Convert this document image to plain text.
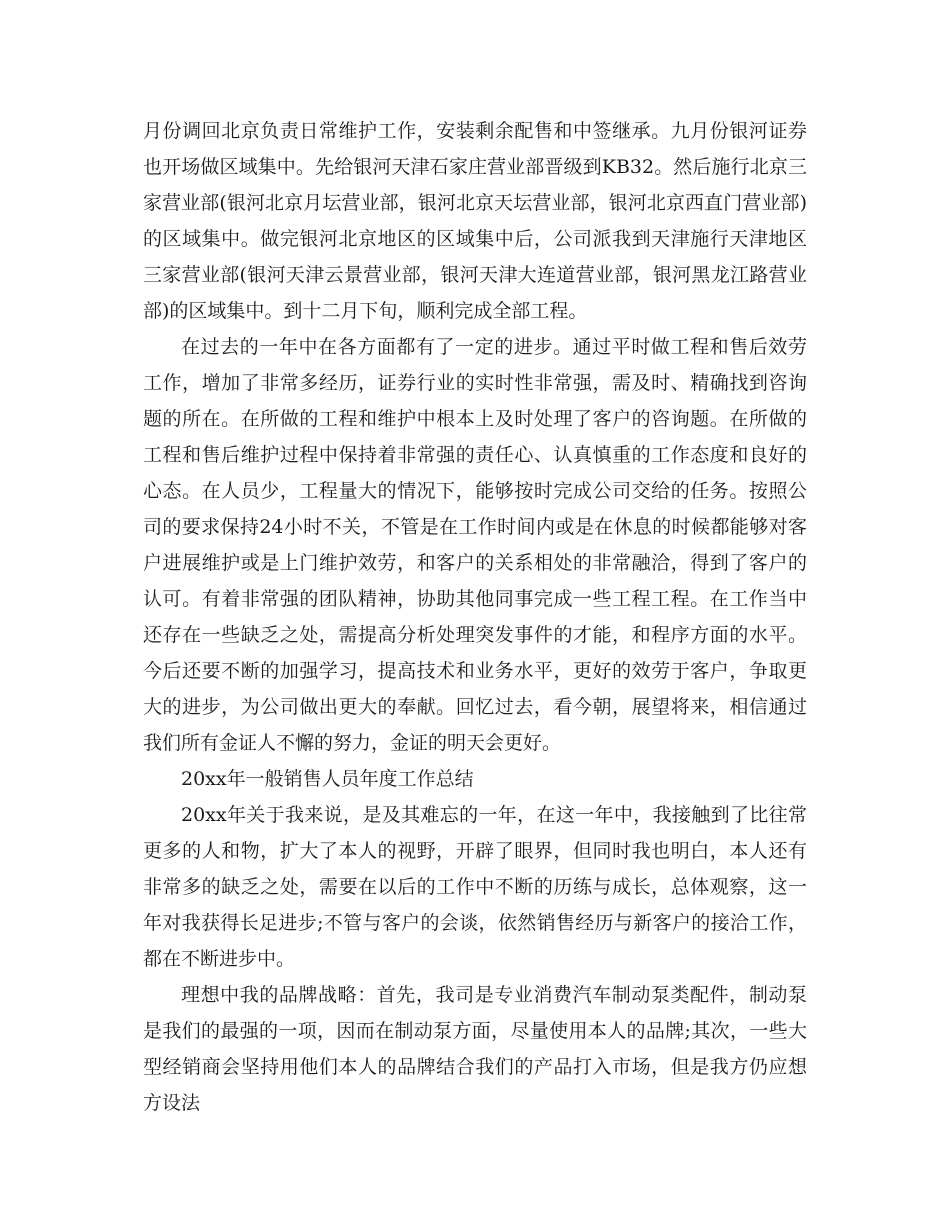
月份调回北京负责日常维护工作，安装剩余配售和中签继承。九月份银河证券也开场做区域集中。先给银河天津石家庄营业部晋级到KB32。然后施行北京三家营业部(银河北京月坛营业部，银河北京天坛营业部，银河北京西直门营业部)的区域集中。做完银河北京地区的区域集中后，公司派我到天津施行天津地区三家营业部(银河天津云景营业部，银河天津大连道营业部，银河黑龙江路营业部)的区域集中。到十二月下旬，顺利完成全部工程。

在过去的一年中在各方面都有了一定的进步。通过平时做工程和售后效劳工作，增加了非常多经历，证券行业的实时性非常强，需及时、精确找到咨询题的所在。在所做的工程和维护中根本上及时处理了客户的咨询题。在所做的工程和售后维护过程中保持着非常强的责任心、认真慎重的工作态度和良好的心态。在人员少，工程量大的情况下，能够按时完成公司交给的任务。按照公司的要求保持24小时不关，不管是在工作时间内或是在休息的时候都能够对客户进展维护或是上门维护效劳，和客户的关系相处的非常融洽，得到了客户的认可。有着非常强的团队精神，协助其他同事完成一些工程工程。在工作当中还存在一些缺乏之处，需提高分析处理突发事件的才能，和程序方面的水平。今后还要不断的加强学习，提高技术和业务水平，更好的效劳于客户，争取更大的进步，为公司做出更大的奉献。回忆过去，看今朝，展望将来，相信通过我们所有金证人不懈的努力，金证的明天会更好。

20xx年一般销售人员年度工作总结

20xx年关于我来说，是及其难忘的一年，在这一年中，我接触到了比往常更多的人和物，扩大了本人的视野，开辟了眼界，但同时我也明白，本人还有非常多的缺乏之处，需要在以后的工作中不断的历练与成长，总体观察，这一年对我获得长足进步;不管与客户的会谈，依然销售经历与新客户的接洽工作，都在不断进步中。

理想中我的品牌战略：首先，我司是专业消费汽车制动泵类配件，制动泵是我们的最强的一项，因而在制动泵方面，尽量使用本人的品牌;其次，一些大型经销商会坚持用他们本人的品牌结合我们的产品打入市场，但是我方仍应想方设法
